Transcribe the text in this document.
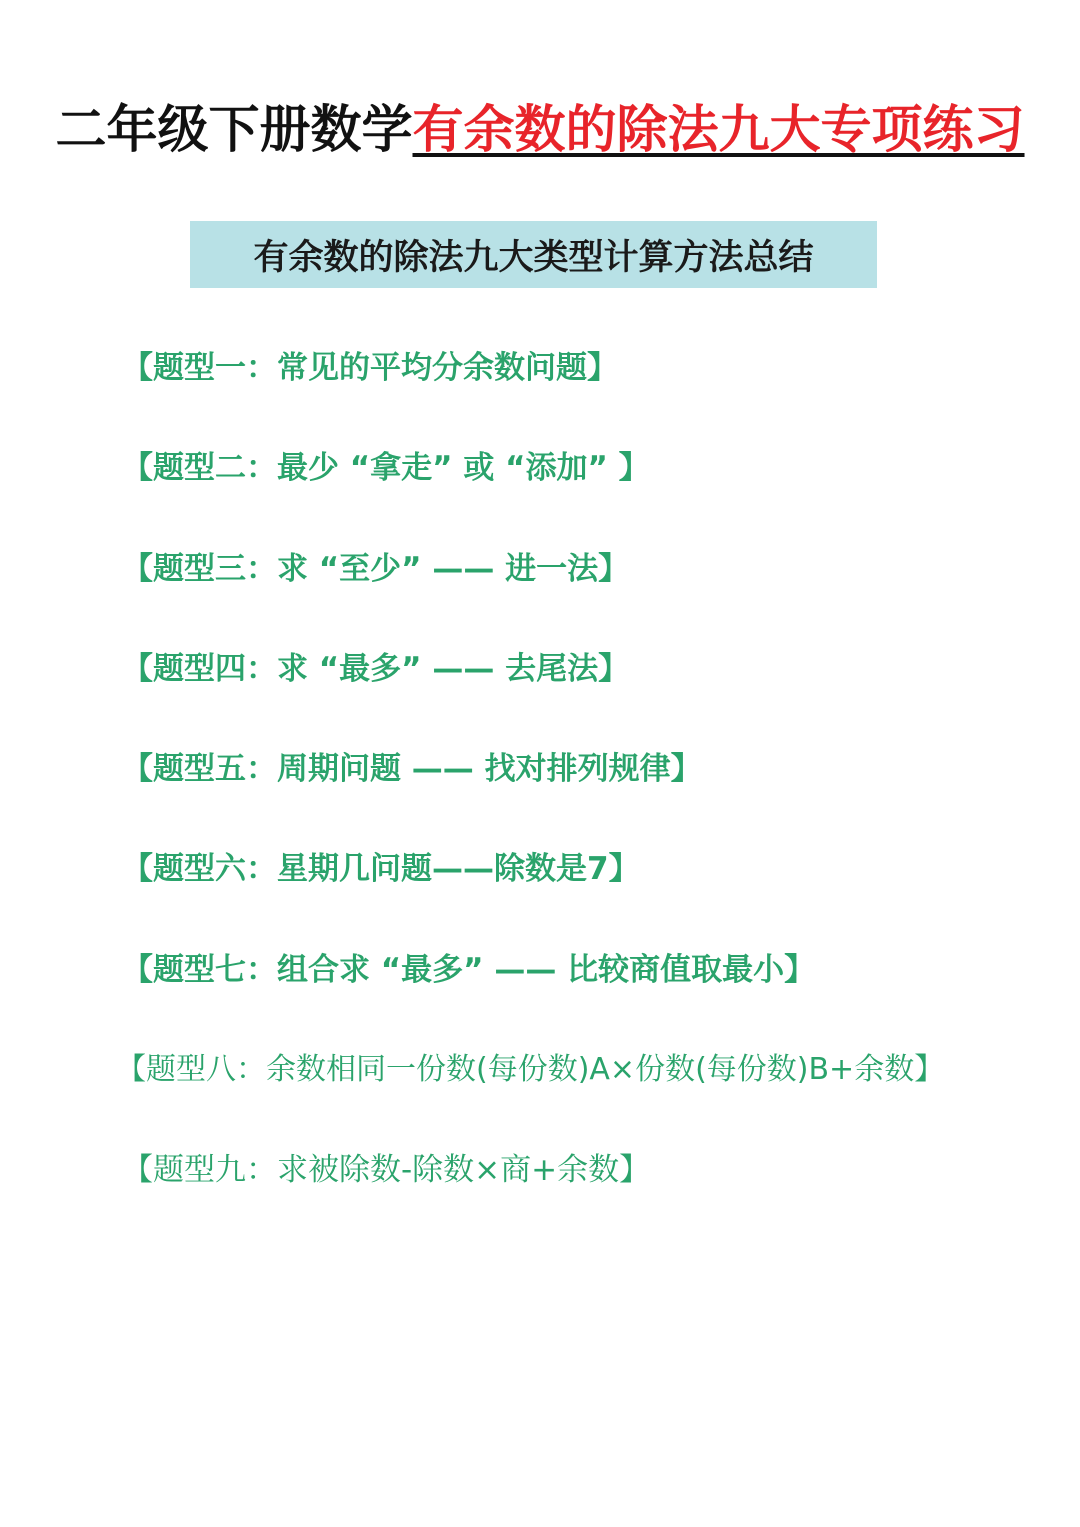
二年级下册数学有余数的除法九大专项练习
有余数的除法九大类型计算方法总结
【题型一：常见的平均分余数问题】
【题型二：最少 “拿走” 或 “添加” 】
【题型三：求 “至少” —— 进一法】
【题型四：求 “最多” —— 去尾法】
【题型五：周期问题 —— 找对排列规律】
【题型六：星期几问题——除数是7】
【题型七：组合求 “最多” —— 比较商值取最小】
【题型八：余数相同一份数(每份数)A×份数(每份数)B+余数】
【题型九：求被除数-除数×商+余数】
